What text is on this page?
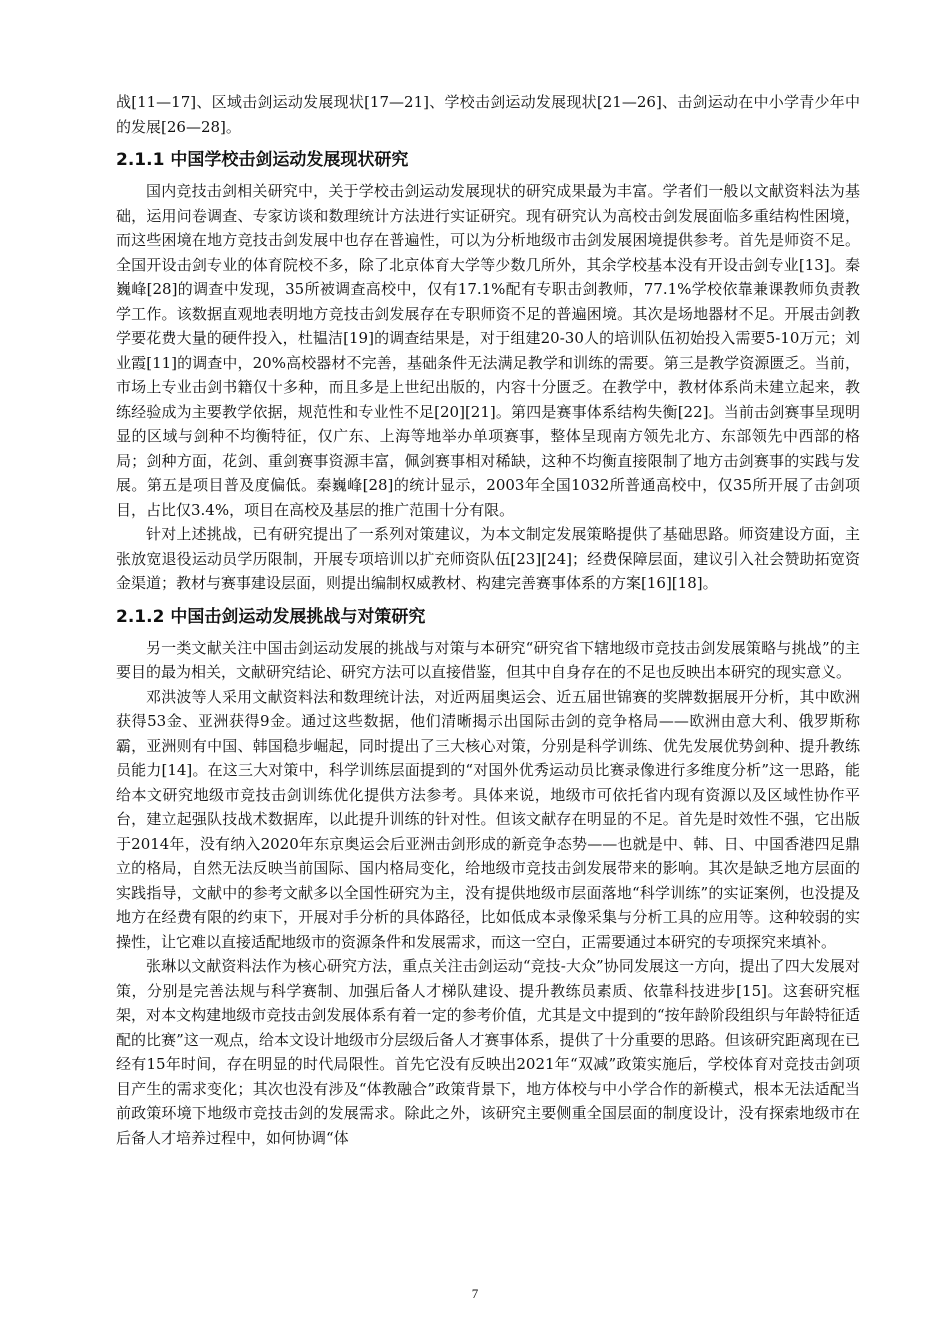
战[11—17]、区域击剑运动发展现状[17—21]、学校击剑运动发展现状[21—26]、击剑运动在中小学青少年中的发展[26—28]。

2.1.1 中国学校击剑运动发展现状研究

国内竞技击剑相关研究中，关于学校击剑运动发展现状的研究成果最为丰富。学者们一般以文献资料法为基础，运用问卷调查、专家访谈和数理统计方法进行实证研究。现有研究认为高校击剑发展面临多重结构性困境，而这些困境在地方竞技击剑发展中也存在普遍性，可以为分析地级市击剑发展困境提供参考。首先是师资不足。全国开设击剑专业的体育院校不多，除了北京体育大学等少数几所外，其余学校基本没有开设击剑专业[13]。秦巍峰[28]的调查中发现，35所被调查高校中，仅有17.1%配有专职击剑教师，77.1%学校依靠兼课教师负责教学工作。该数据直观地表明地方竞技击剑发展存在专职师资不足的普遍困境。其次是场地器材不足。开展击剑教学要花费大量的硬件投入，杜韫洁[19]的调查结果是，对于组建20-30人的培训队伍初始投入需要5-10万元；刘业霞[11]的调查中，20%高校器材不完善，基础条件无法满足教学和训练的需要。第三是教学资源匮乏。当前，市场上专业击剑书籍仅十多种，而且多是上世纪出版的，内容十分匮乏。在教学中，教材体系尚未建立起来，教练经验成为主要教学依据，规范性和专业性不足[20][21]。第四是赛事体系结构失衡[22]。当前击剑赛事呈现明显的区域与剑种不均衡特征，仅广东、上海等地举办单项赛事，整体呈现南方领先北方、东部领先中西部的格局；剑种方面，花剑、重剑赛事资源丰富，佩剑赛事相对稀缺，这种不均衡直接限制了地方击剑赛事的实践与发展。第五是项目普及度偏低。秦巍峰[28]的统计显示，2003年全国1032所普通高校中，仅35所开展了击剑项目，占比仅3.4%，项目在高校及基层的推广范围十分有限。

针对上述挑战，已有研究提出了一系列对策建议，为本文制定发展策略提供了基础思路。师资建设方面，主张放宽退役运动员学历限制，开展专项培训以扩充师资队伍[23][24]；经费保障层面，建议引入社会赞助拓宽资金渠道；教材与赛事建设层面，则提出编制权威教材、构建完善赛事体系的方案[16][18]。

2.1.2 中国击剑运动发展挑战与对策研究

另一类文献关注中国击剑运动发展的挑战与对策与本研究“研究省下辖地级市竞技击剑发展策略与挑战”的主要目的最为相关，文献研究结论、研究方法可以直接借鉴，但其中自身存在的不足也反映出本研究的现实意义。

邓洪波等人采用文献资料法和数理统计法，对近两届奥运会、近五届世锦赛的奖牌数据展开分析，其中欧洲获得53金、亚洲获得9金。通过这些数据，他们清晰揭示出国际击剑的竞争格局——欧洲由意大利、俄罗斯称霸，亚洲则有中国、韩国稳步崛起，同时提出了三大核心对策，分别是科学训练、优先发展优势剑种、提升教练员能力[14]。在这三大对策中，科学训练层面提到的“对国外优秀运动员比赛录像进行多维度分析”这一思路，能给本文研究地级市竞技击剑训练优化提供方法参考。具体来说，地级市可依托省内现有资源以及区域性协作平台，建立起强队技战术数据库，以此提升训练的针对性。但该文献存在明显的不足。首先是时效性不强，它出版于2014年，没有纳入2020年东京奥运会后亚洲击剑形成的新竞争态势——也就是中、韩、日、中国香港四足鼎立的格局，自然无法反映当前国际、国内格局变化，给地级市竞技击剑发展带来的影响。其次是缺乏地方层面的实践指导，文献中的参考文献多以全国性研究为主，没有提供地级市层面落地“科学训练”的实证案例，也没提及地方在经费有限的约束下，开展对手分析的具体路径，比如低成本录像采集与分析工具的应用等。这种较弱的实操性，让它难以直接适配地级市的资源条件和发展需求，而这一空白，正需要通过本研究的专项探究来填补。

张琳以文献资料法作为核心研究方法，重点关注击剑运动“竞技-大众”协同发展这一方向，提出了四大发展对策，分别是完善法规与科学赛制、加强后备人才梯队建设、提升教练员素质、依靠科技进步[15]。这套研究框架，对本文构建地级市竞技击剑发展体系有着一定的参考价值，尤其是文中提到的“按年龄阶段组织与年龄特征适配的比赛”这一观点，给本文设计地级市分层级后备人才赛事体系，提供了十分重要的思路。但该研究距离现在已经有15年时间，存在明显的时代局限性。首先它没有反映出2021年“双减”政策实施后，学校体育对竞技击剑项目产生的需求变化；其次也没有涉及“体教融合”政策背景下，地方体校与中小学合作的新模式，根本无法适配当前政策环境下地级市竞技击剑的发展需求。除此之外，该研究主要侧重全国层面的制度设计，没有探索地级市在后备人才培养过程中，如何协调“体

7
